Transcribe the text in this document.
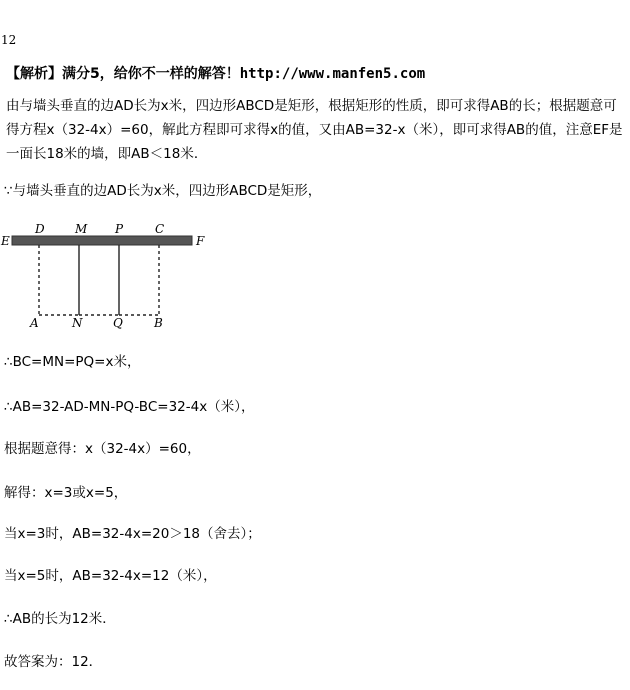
12
【解析】满分5，给你不一样的解答！http://www.manfen5.com
由与墙头垂直的边AD长为x米，四边形ABCD是矩形，根据矩形的性质，即可求得AB的长；根据题意可得方程x（32-4x）=60，解此方程即可求得x的值，又由AB=32-x（米），即可求得AB的值，注意EF是一面长18米的墙，即AB＜18米．
∵与墙头垂直的边AD长为x米，四边形ABCD是矩形，
E	F
D	M P	C
A	N	Q	B
∴BC=MN=PQ=x米，
∴AB=32-AD-MN-PQ-BC=32-4x（米），
根据题意得：x（32-4x）=60，
解得：x=3或x=5，
当x=3时，AB=32-4x=20＞18（舍去）；
当x=5时，AB=32-4x=12（米），
∴AB的长为12米．
故答案为：12．
